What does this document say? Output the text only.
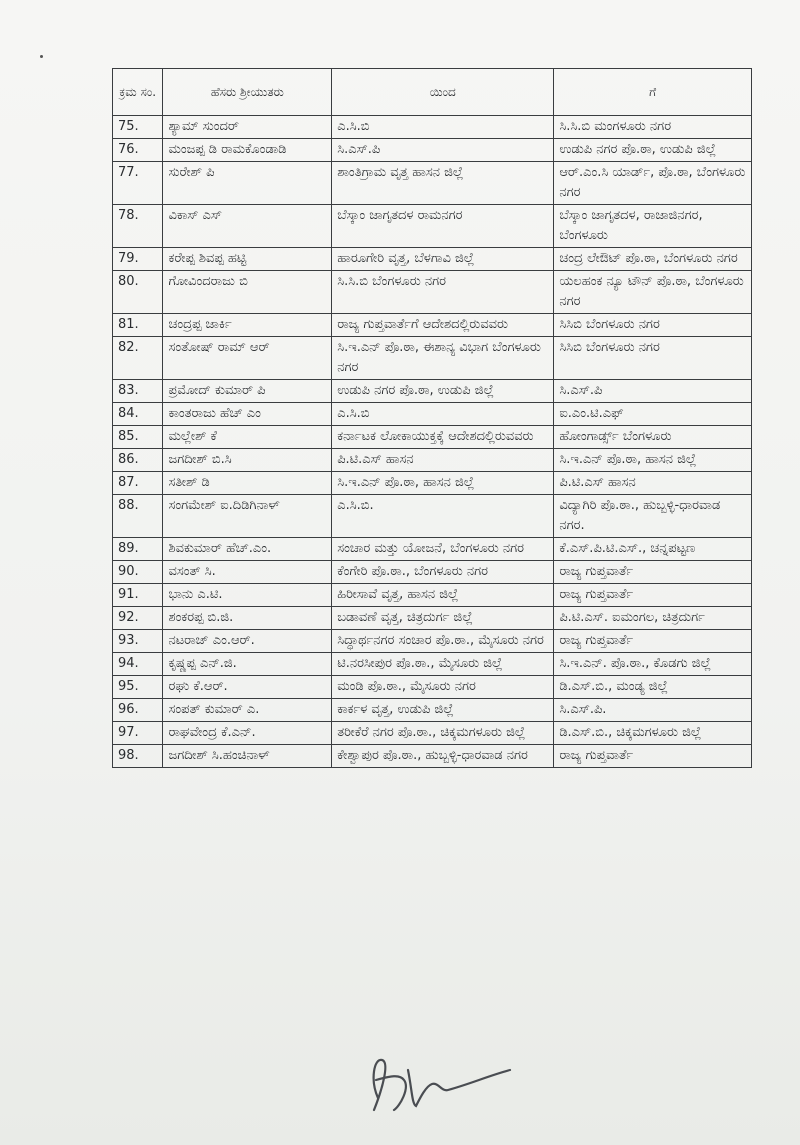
ಕ್ರಮ ಸಂ.	ಹೆಸರು ಶ್ರೀಯುತರು	ಯಿಂದ	ಗೆ
75.	ಶ್ಯಾಮ್ ಸುಂದರ್	ಎ.ಸಿ.ಬಿ	ಸಿ.ಸಿ.ಬಿ ಮಂಗಳೂರು ನಗರ
76.	ಮಂಜಪ್ಪ ಡಿ ರಾಮಕೊಂಡಾಡಿ	ಸಿ.ಎಸ್.ಪಿ	ಉಡುಪಿ ನಗರ ಪೊ.ಠಾ, ಉಡುಪಿ ಜಿಲ್ಲೆ
77.	ಸುರೇಶ್ ಪಿ	ಶಾಂತಿಗ್ರಾಮ ವೃತ್ತ ಹಾಸನ ಜಿಲ್ಲೆ	ಆರ್.ಎಂ.ಸಿ ಯಾರ್ಡ್, ಪೊ.ಠಾ, ಬೆಂಗಳೂರು ನಗರ
78.	ವಿಕಾಸ್ ಎಸ್	ಬೆಸ್ಕಾಂ ಜಾಗೃತದಳ ರಾಮನಗರ	ಬೆಸ್ಕಾಂ ಜಾಗೃತದಳ, ರಾಜಾಜಿನಗರ, ಬೆಂಗಳೂರು
79.	ಕರೇಪ್ಪ ಶಿವಪ್ಪ ಹಟ್ಟಿ	ಹಾರೂಗೇರಿ ವೃತ್ತ, ಬೆಳಗಾವಿ ಜಿಲ್ಲೆ	ಚಂದ್ರ ಲೇಔಟ್ ಪೊ.ಠಾ, ಬೆಂಗಳೂರು ನಗರ
80.	ಗೋವಿಂದರಾಜು ಬಿ	ಸಿ.ಸಿ.ಬಿ ಬೆಂಗಳೂರು ನಗರ	ಯಲಹಂಕ ನ್ಯೂ ಟೌನ್ ಪೊ.ಠಾ, ಬೆಂಗಳೂರು ನಗರ
81.	ಚಂದ್ರಪ್ಪ ಜಾರ್ಕಿ	ರಾಜ್ಯ ಗುಪ್ತವಾರ್ತೆಗೆ ಆದೇಶದಲ್ಲಿರುವವರು	ಸಿಸಿಬಿ ಬೆಂಗಳೂರು ನಗರ
82.	ಸಂತೋಷ್ ರಾಮ್ ಆರ್	ಸಿ.ಇ.ಎನ್ ಪೊ.ಠಾ, ಈಶಾನ್ಯ ವಿಭಾಗ ಬೆಂಗಳೂರು ನಗರ	ಸಿಸಿಬಿ ಬೆಂಗಳೂರು ನಗರ
83.	ಪ್ರಮೋದ್ ಕುಮಾರ್ ಪಿ	ಉಡುಪಿ ನಗರ ಪೊ.ಠಾ, ಉಡುಪಿ ಜಿಲ್ಲೆ	ಸಿ.ಎಸ್.ಪಿ
84.	ಕಾಂತರಾಜು ಹೆಚ್ ಎಂ	ಎ.ಸಿ.ಬಿ	ಐ.ಎಂ.ಟಿ.ಎಫ್
85.	ಮಲ್ಲೇಶ್ ಕೆ	ಕರ್ನಾಟಕ ಲೋಕಾಯುಕ್ತಕ್ಕೆ ಆದೇಶದಲ್ಲಿರುವವರು	ಹೋಂಗಾರ್ಡ್ಸ್ ಬೆಂಗಳೂರು
86.	ಜಗದೀಶ್ ಬಿ.ಸಿ	ಪಿ.ಟಿ.ಎಸ್ ಹಾಸನ	ಸಿ.ಇ.ಎನ್ ಪೊ.ಠಾ, ಹಾಸನ ಜಿಲ್ಲೆ
87.	ಸತೀಶ್ ಡಿ	ಸಿ.ಇ.ಎನ್ ಪೊ.ಠಾ, ಹಾಸನ ಜಿಲ್ಲೆ	ಪಿ.ಟಿ.ಎಸ್ ಹಾಸನ
88.	ಸಂಗಮೇಶ್ ಐ.ದಿಡಿಗಿನಾಳ್	ಎ.ಸಿ.ಬಿ.	ವಿದ್ಯಾಗಿರಿ ಪೊ.ಠಾ., ಹುಬ್ಬಳ್ಳಿ-ಧಾರವಾಡ ನಗರ.
89.	ಶಿವಕುಮಾರ್ ಹೆಚ್.ಎಂ.	ಸಂಚಾರ ಮತ್ತು ಯೋಜನೆ, ಬೆಂಗಳೂರು ನಗರ	ಕೆ.ಎಸ್.ಪಿ.ಟಿ.ಎಸ್., ಚನ್ನಪಟ್ಟಣ
90.	ವಸಂತ್ ಸಿ.	ಕೆಂಗೇರಿ ಪೊ.ಠಾ., ಬೆಂಗಳೂರು ನಗರ	ರಾಜ್ಯ ಗುಪ್ತವಾರ್ತೆ
91.	ಭಾನು ಎ.ಟಿ.	ಹಿರೀಸಾವೆ ವೃತ್ತ, ಹಾಸನ ಜಿಲ್ಲೆ	ರಾಜ್ಯ ಗುಪ್ತವಾರ್ತೆ
92.	ಶಂಕರಪ್ಪ ಬಿ.ಜಿ.	ಬಡಾವಣೆ ವೃತ್ತ, ಚಿತ್ರದುರ್ಗ ಜಿಲ್ಲೆ	ಪಿ.ಟಿ.ಎಸ್. ಐಮಂಗಲ, ಚಿತ್ರದುರ್ಗ
93.	ನಟರಾಜ್ ಎಂ.ಆರ್.	ಸಿದ್ಧಾರ್ಥನಗರ ಸಂಚಾರ ಪೊ.ಠಾ., ಮೈಸೂರು ನಗರ	ರಾಜ್ಯ ಗುಪ್ತವಾರ್ತೆ
94.	ಕೃಷ್ಣಪ್ಪ ಎನ್.ಜಿ.	ಟಿ.ನರಸೀಪುರ ಪೊ.ಠಾ., ಮೈಸೂರು ಜಿಲ್ಲೆ	ಸಿ.ಇ.ಎನ್. ಪೊ.ಠಾ., ಕೊಡಗು ಜಿಲ್ಲೆ
95.	ರಘು ಕೆ.ಆರ್.	ಮಂಡಿ ಪೊ.ಠಾ., ಮೈಸೂರು ನಗರ	ಡಿ.ಎಸ್.ಬಿ., ಮಂಡ್ಯ ಜಿಲ್ಲೆ
96.	ಸಂಪತ್ ಕುಮಾರ್ ಎ.	ಕಾರ್ಕಳ ವೃತ್ತ, ಉಡುಪಿ ಜಿಲ್ಲೆ	ಸಿ.ಎಸ್.ಪಿ.
97.	ರಾಘವೇಂದ್ರ ಕೆ.ಎನ್.	ತರೀಕೆರೆ ನಗರ ಪೊ.ಠಾ., ಚಿಕ್ಕಮಗಳೂರು ಜಿಲ್ಲೆ	ಡಿ.ಎಸ್.ಬಿ., ಚಿಕ್ಕಮಗಳೂರು ಜಿಲ್ಲೆ
98.	ಜಗದೀಶ್ ಸಿ.ಹಂಚಿನಾಳ್	ಕೇಶ್ವಾಪುರ ಪೊ.ಠಾ., ಹುಬ್ಬಳ್ಳಿ-ಧಾರವಾಡ ನಗರ	ರಾಜ್ಯ ಗುಪ್ತವಾರ್ತೆ
